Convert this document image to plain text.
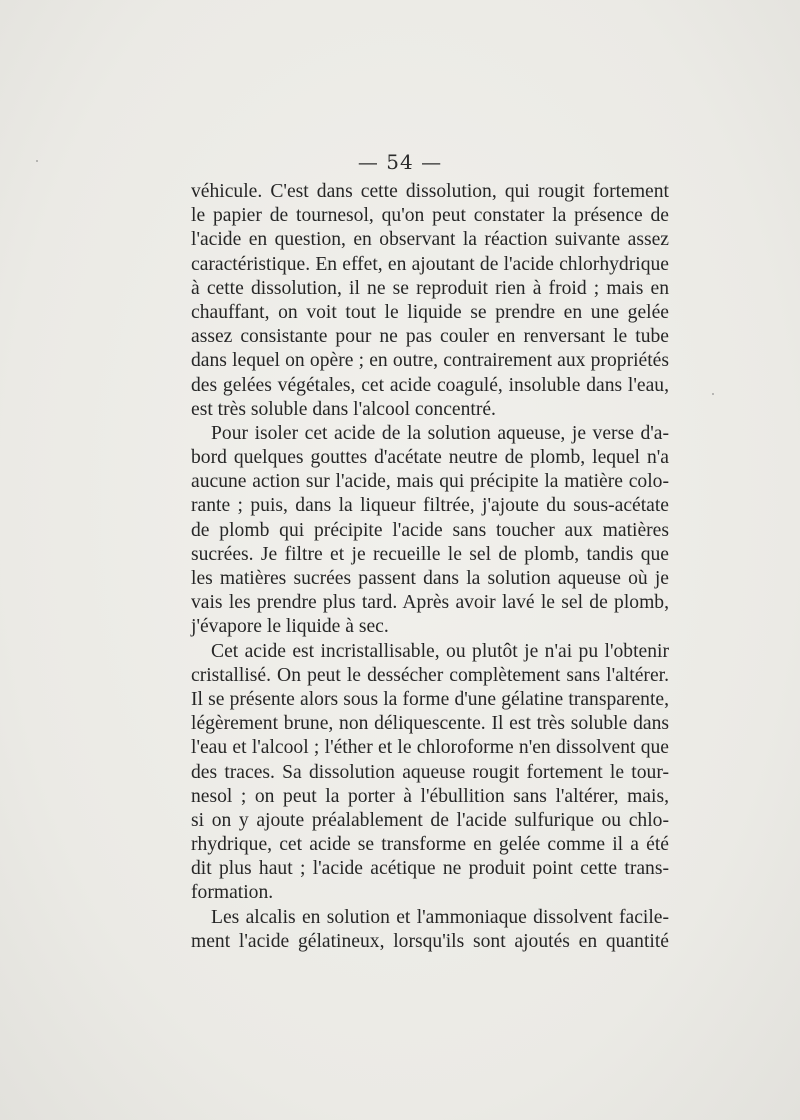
— 54 —
véhicule. C'est dans cette dissolution, qui rougit fortement
le papier de tournesol, qu'on peut constater la présence de
l'acide en question, en observant la réaction suivante assez
caractéristique. En effet, en ajoutant de l'acide chlorhydrique
à cette dissolution, il ne se reproduit rien à froid ; mais en
chauffant, on voit tout le liquide se prendre en une gelée
assez consistante pour ne pas couler en renversant le tube
dans lequel on opère ; en outre, contrairement aux propriétés
des gelées végétales, cet acide coagulé, insoluble dans l'eau,
est très soluble dans l'alcool concentré.
Pour isoler cet acide de la solution aqueuse, je verse d'a-
bord quelques gouttes d'acétate neutre de plomb, lequel n'a
aucune action sur l'acide, mais qui précipite la matière colo-
rante ; puis, dans la liqueur filtrée, j'ajoute du sous-acétate
de plomb qui précipite l'acide sans toucher aux matières
sucrées. Je filtre et je recueille le sel de plomb, tandis que
les matières sucrées passent dans la solution aqueuse où je
vais les prendre plus tard. Après avoir lavé le sel de plomb,
j'évapore le liquide à sec.
Cet acide est incristallisable, ou plutôt je n'ai pu l'obtenir
cristallisé. On peut le dessécher complètement sans l'altérer.
Il se présente alors sous la forme d'une gélatine transparente,
légèrement brune, non déliquescente. Il est très soluble dans
l'eau et l'alcool ; l'éther et le chloroforme n'en dissolvent que
des traces. Sa dissolution aqueuse rougit fortement le tour-
nesol ; on peut la porter à l'ébullition sans l'altérer, mais,
si on y ajoute préalablement de l'acide sulfurique ou chlo-
rhydrique, cet acide se transforme en gelée comme il a été
dit plus haut ; l'acide acétique ne produit point cette trans-
formation.
Les alcalis en solution et l'ammoniaque dissolvent facile-
ment l'acide gélatineux, lorsqu'ils sont ajoutés en quantité
